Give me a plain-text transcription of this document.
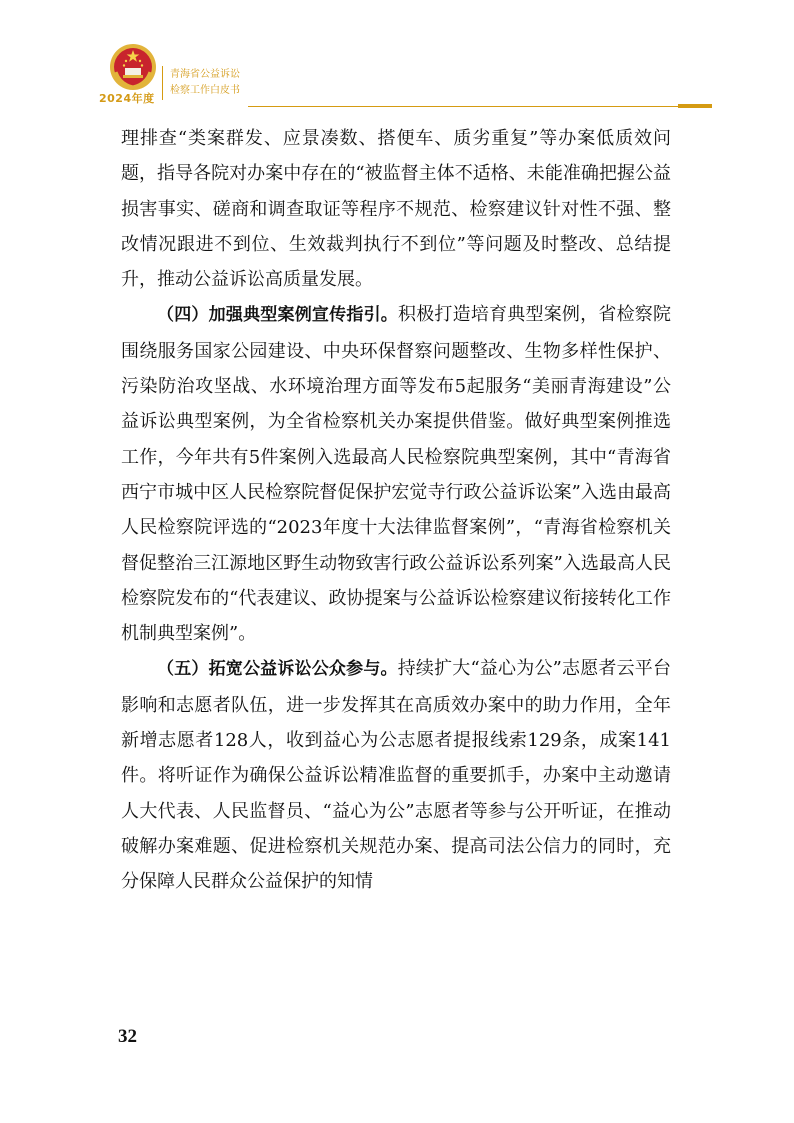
2024年度
青海省公益诉讼
检察工作白皮书

理排查“类案群发、应景凑数、搭便车、质劣重复”等办案低质效问题，指导各院对办案中存在的“被监督主体不适格、未能准确把握公益损害事实、磋商和调查取证等程序不规范、检察建议针对性不强、整改情况跟进不到位、生效裁判执行不到位”等问题及时整改、总结提升，推动公益诉讼高质量发展。

（四）加强典型案例宣传指引。积极打造培育典型案例，省检察院围绕服务国家公园建设、中央环保督察问题整改、生物多样性保护、污染防治攻坚战、水环境治理方面等发布5起服务“美丽青海建设”公益诉讼典型案例，为全省检察机关办案提供借鉴。做好典型案例推选工作，今年共有5件案例入选最高人民检察院典型案例，其中“青海省西宁市城中区人民检察院督促保护宏觉寺行政公益诉讼案”入选由最高人民检察院评选的“2023年度十大法律监督案例”，“青海省检察机关督促整治三江源地区野生动物致害行政公益诉讼系列案”入选最高人民检察院发布的“代表建议、政协提案与公益诉讼检察建议衔接转化工作机制典型案例”。

（五）拓宽公益诉讼公众参与。持续扩大“益心为公”志愿者云平台影响和志愿者队伍，进一步发挥其在高质效办案中的助力作用，全年新增志愿者128人，收到益心为公志愿者提报线索129条，成案141件。将听证作为确保公益诉讼精准监督的重要抓手，办案中主动邀请人大代表、人民监督员、“益心为公”志愿者等参与公开听证，在推动破解办案难题、促进检察机关规范办案、提高司法公信力的同时，充分保障人民群众公益保护的知情

32
